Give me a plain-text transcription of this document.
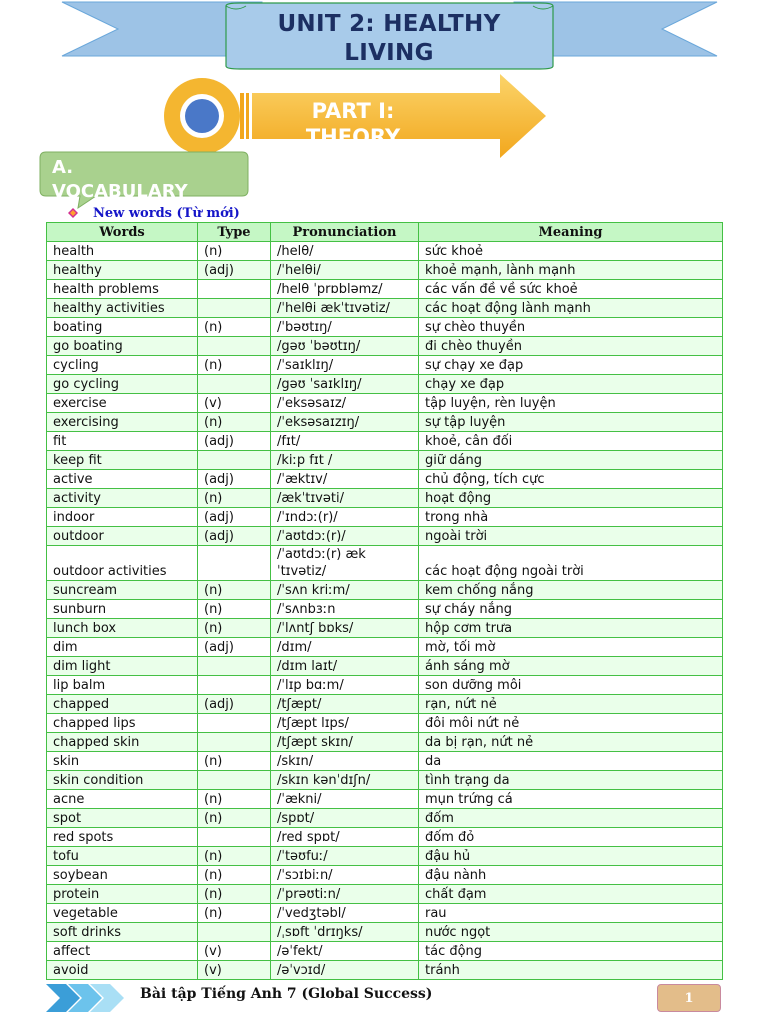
UNIT 2: HEALTHY
LIVING
PART I:
THEORY
A.
VOCABULARY
New words (Từ mới)
Words	Type	Pronunciation	Meaning
health	(n)	/helθ/	sức khoẻ
healthy	(adj)	/ˈhelθi/	khoẻ mạnh, lành mạnh
health problems		/helθ ˈprɒbləmz/	các vấn đề về sức khoẻ
healthy activities		/ˈhelθi ækˈtɪvətiz/	các hoạt động lành mạnh
boating	(n)	/ˈbəʊtɪŋ/	sự chèo thuyền
go boating		/gəʊ ˈbəʊtɪŋ/	đi chèo thuyền
cycling	(n)	/ˈsaɪklɪŋ/	sự chạy xe đạp
go cycling		/gəʊ ˈsaɪklɪŋ/	chạy xe đạp
exercise	(v)	/ˈeksəsaɪz/	tập luyện, rèn luyện
exercising	(n)	/ˈeksəsaɪzɪŋ/	sự tập luyện
fit	(adj)	/fɪt/	khoẻ, cân đối
keep fit		/kiːp fɪt /	giữ dáng
active	(adj)	/ˈæktɪv/	chủ động, tích cực
activity	(n)	/ækˈtɪvəti/	hoạt động
indoor	(adj)	/ˈɪndɔː(r)/	trong nhà
outdoor	(adj)	/ˈaʊtdɔː(r)/	ngoài trời
outdoor activities		/ˈaʊtdɔː(r) æk ˈtɪvətiz/	các hoạt động ngoài trời
suncream	(n)	/ˈsʌn kriːm/	kem chống nắng
sunburn	(n)	/ˈsʌnbɜːn	sự cháy nắng
lunch box	(n)	/ˈlʌntʃ bɒks/	hộp cơm trưa
dim	(adj)	/dɪm/	mờ, tối mờ
dim light		/dɪm laɪt/	ánh sáng mờ
lip balm		/ˈlɪp bɑːm/	son dưỡng môi
chapped	(adj)	/tʃæpt/	rạn, nứt nẻ
chapped lips		/tʃæpt lɪps/	đôi môi nứt nẻ
chapped skin		/tʃæpt skɪn/	da bị rạn, nứt nẻ
skin	(n)	/skɪn/	da
skin condition		/skɪn kənˈdɪʃn/	tình trạng da
acne	(n)	/ˈækni/	mụn trứng cá
spot	(n)	/spɒt/	đốm
red spots		/red spɒt/	đốm đỏ
tofu	(n)	/ˈtəʊfuː/	đậu hủ
soybean	(n)	/ˈsɔɪbiːn/	đậu nành
protein	(n)	/ˈprəʊtiːn/	chất đạm
vegetable	(n)	/ˈvedʒtəbl/	rau
soft drinks		/ˌsɒft ˈdrɪŋks/	nước ngọt
affect	(v)	/əˈfekt/	tác động
avoid	(v)	/əˈvɔɪd/	tránh
Bài tập Tiếng Anh 7 (Global Success)	1
